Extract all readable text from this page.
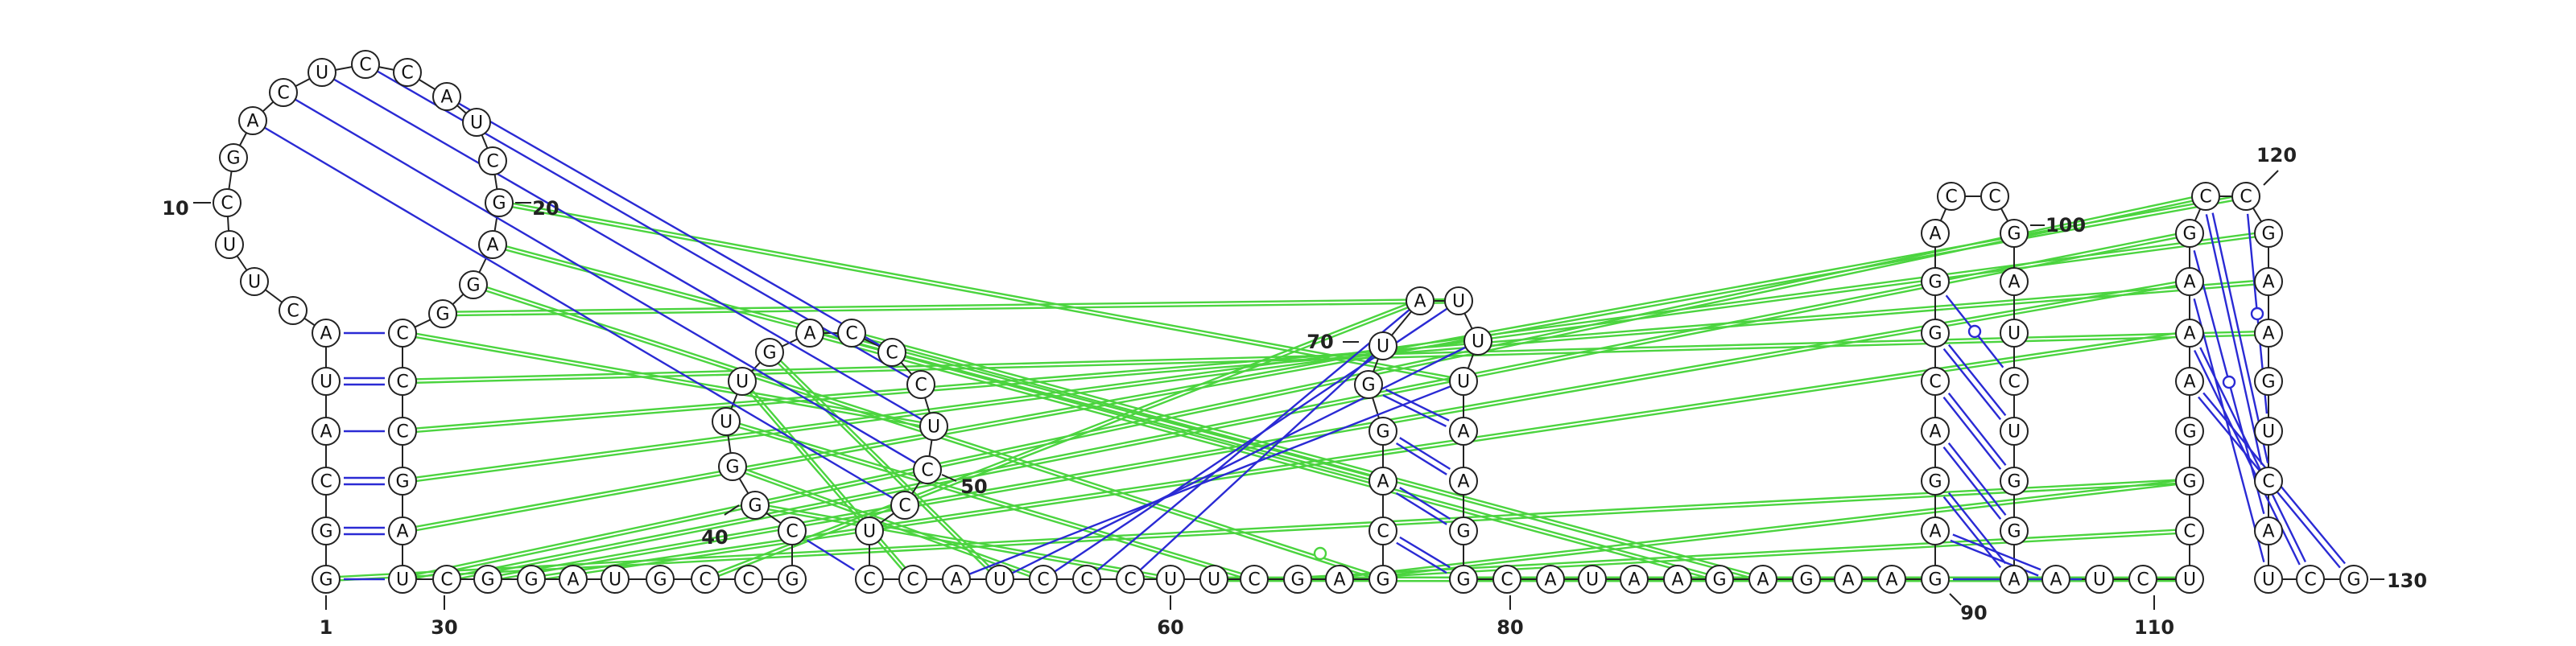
G
G
C
A
U
A
C
U
U
C
G
A
C
U C C
A
U
C
G
A
G
G
C
C
C
G
A
U C G G A U G C C G
C
G
G
U
U
G
A C
C
C
U
C
C
U
C C A U C C C U U C G A G
C
A
G
G
U
A U
U
U
A
A
G
G C A U A A G A G A A G
A
G
A
C
G
G
A
C C
G
A
U
C
U
G
G
A A U C U
C
G
G
A
A
A
G
C C
G
A
A
G
U
C
A
U C G
1
10	20
30
40
50
60
70
80
90
100
110
120
130
